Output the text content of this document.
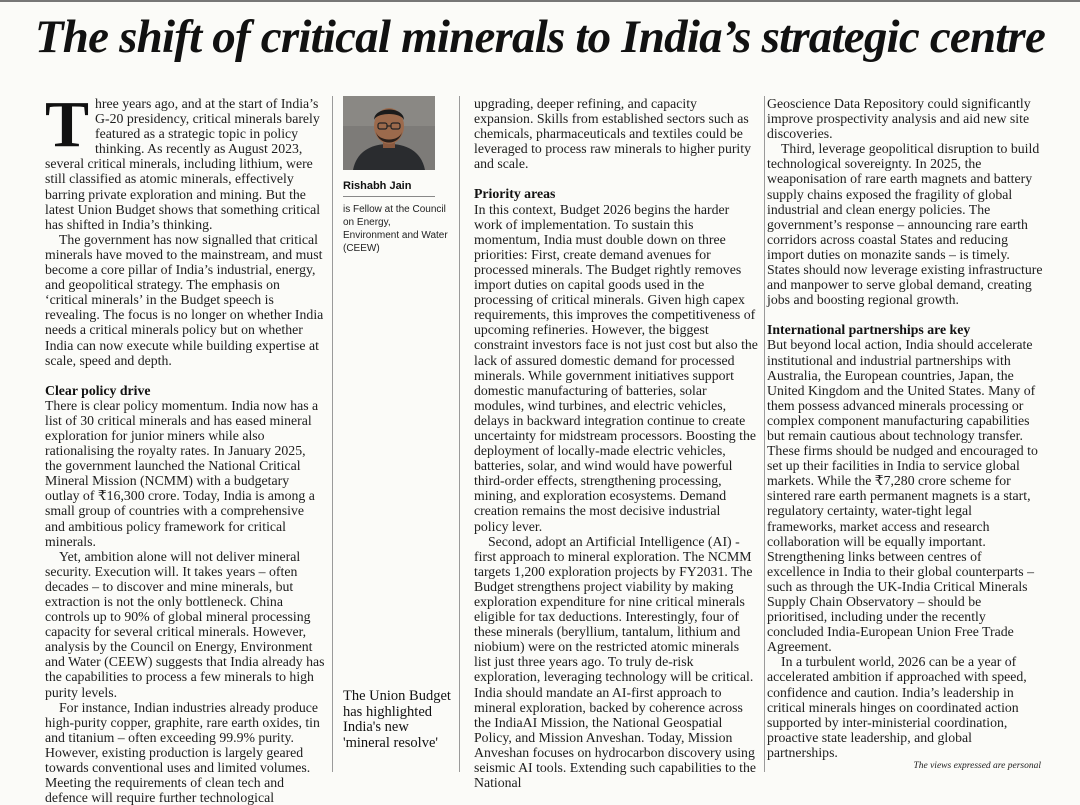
The shift of critical minerals to India’s strategic centre

Three years ago, and at the start of India’s G-20 presidency, critical minerals barely featured as a strategic topic in policy thinking. As recently as August 2023, several critical minerals, including lithium, were still classified as atomic minerals, effectively barring private exploration and mining. But the latest Union Budget shows that something critical has shifted in India’s thinking.

The government has now signalled that critical minerals have moved to the mainstream, and must become a core pillar of India’s industrial, energy, and geopolitical strategy. The emphasis on ‘critical minerals’ in the Budget speech is revealing. The focus is no longer on whether India needs a critical minerals policy but on whether India can now execute while building expertise at scale, speed and depth.

Clear policy drive

There is clear policy momentum. India now has a list of 30 critical minerals and has eased mineral exploration for junior miners while also rationalising the royalty rates. In January 2025, the government launched the National Critical Mineral Mission (NCMM) with a budgetary outlay of ₹16,300 crore. Today, India is among a small group of countries with a comprehensive and ambitious policy framework for critical minerals.

Yet, ambition alone will not deliver mineral security. Execution will. It takes years – often decades – to discover and mine minerals, but extraction is not the only bottleneck. China controls up to 90% of global mineral processing capacity for several critical minerals. However, analysis by the Council on Energy, Environment and Water (CEEW) suggests that India already has the capabilities to process a few minerals to high purity levels.

For instance, Indian industries already produce high-purity copper, graphite, rare earth oxides, tin and titanium – often exceeding 99.9% purity. However, existing production is largely geared towards conventional uses and limited volumes. Meeting the requirements of clean tech and defence will require further technological

Rishabh Jain
is Fellow at the Council on Energy, Environment and Water (CEEW)
The Union Budget has highlighted India's new 'mineral resolve'

upgrading, deeper refining, and capacity expansion. Skills from established sectors such as chemicals, pharmaceuticals and textiles could be leveraged to process raw minerals to higher purity and scale.

Priority areas

In this context, Budget 2026 begins the harder work of implementation. To sustain this momentum, India must double down on three priorities: First, create demand avenues for processed minerals. The Budget rightly removes import duties on capital goods used in the processing of critical minerals. Given high capex requirements, this improves the competitiveness of upcoming refineries. However, the biggest constraint investors face is not just cost but also the lack of assured domestic demand for processed minerals. While government initiatives support domestic manufacturing of batteries, solar modules, wind turbines, and electric vehicles, delays in backward integration continue to create uncertainty for midstream processors. Boosting the deployment of locally-made electric vehicles, batteries, solar, and wind would have powerful third-order effects, strengthening processing, mining, and exploration ecosystems. Demand creation remains the most decisive industrial policy lever.

Second, adopt an Artificial Intelligence (AI) -first approach to mineral exploration. The NCMM targets 1,200 exploration projects by FY2031. The Budget strengthens project viability by making exploration expenditure for nine critical minerals eligible for tax deductions. Interestingly, four of these minerals (beryllium, tantalum, lithium and niobium) were on the restricted atomic minerals list just three years ago. To truly de-risk exploration, leveraging technology will be critical. India should mandate an AI-first approach to mineral exploration, backed by coherence across the IndiaAI Mission, the National Geospatial Policy, and Mission Anveshan. Today, Mission Anveshan focuses on hydrocarbon discovery using seismic AI tools. Extending such capabilities to the National

Geoscience Data Repository could significantly improve prospectivity analysis and aid new site discoveries.

Third, leverage geopolitical disruption to build technological sovereignty. In 2025, the weaponisation of rare earth magnets and battery supply chains exposed the fragility of global industrial and clean energy policies. The government’s response – announcing rare earth corridors across coastal States and reducing import duties on monazite sands – is timely. States should now leverage existing infrastructure and manpower to serve global demand, creating jobs and boosting regional growth.

International partnerships are key

But beyond local action, India should accelerate institutional and industrial partnerships with Australia, the European countries, Japan, the United Kingdom and the United States. Many of them possess advanced minerals processing or complex component manufacturing capabilities but remain cautious about technology transfer. These firms should be nudged and encouraged to set up their facilities in India to service global markets. While the ₹7,280 crore scheme for sintered rare earth permanent magnets is a start, regulatory certainty, water-tight legal frameworks, market access and research collaboration will be equally important. Strengthening links between centres of excellence in India to their global counterparts – such as through the UK-India Critical Minerals Supply Chain Observatory – should be prioritised, including under the recently concluded India-European Union Free Trade Agreement.

In a turbulent world, 2026 can be a year of accelerated ambition if approached with speed, confidence and caution. India’s leadership in critical minerals hinges on coordinated action supported by inter-ministerial coordination, proactive state leadership, and global partnerships.

The views expressed are personal
